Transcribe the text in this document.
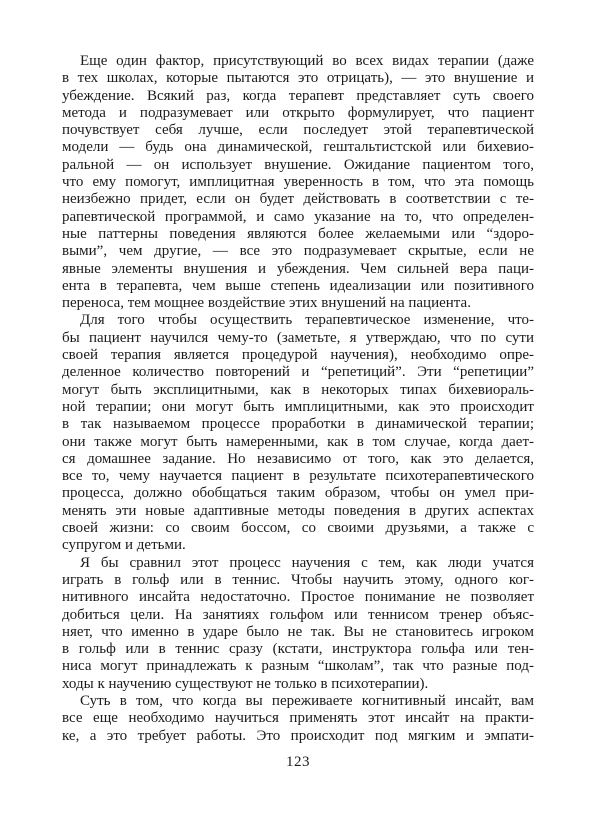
Еще один фактор, присутствующий во всех видах терапии (даже
в тех школах, которые пытаются это отрицать), — это внушение и
убеждение. Всякий раз, когда терапевт представляет суть своего
метода и подразумевает или открыто формулирует, что пациент
почувствует себя лучше, если последует этой терапевтической
модели — будь она динамической, гештальтистской или бихевио-
ральной — он использует внушение. Ожидание пациентом того,
что ему помогут, имплицитная уверенность в том, что эта помощь
неизбежно придет, если он будет действовать в соответствии с те-
рапевтической программой, и само указание на то, что определен-
ные паттерны поведения являются более желаемыми или “здоро-
выми”, чем другие, — все это подразумевает скрытые, если не
явные элементы внушения и убеждения. Чем сильней вера паци-
ента в терапевта, чем выше степень идеализации или позитивного
переноса, тем мощнее воздействие этих внушений на пациента.
Для того чтобы осуществить терапевтическое изменение, что-
бы пациент научился чему-то (заметьте, я утверждаю, что по сути
своей терапия является процедурой научения), необходимо опре-
деленное количество повторений и “репетиций”. Эти “репетиции”
могут быть эксплицитными, как в некоторых типах бихевиораль-
ной терапии; они могут быть имплицитными, как это происходит
в так называемом процессе проработки в динамической терапии;
они также могут быть намеренными, как в том случае, когда дает-
ся домашнее задание. Но независимо от того, как это делается,
все то, чему научается пациент в результате психотерапевтического
процесса, должно обобщаться таким образом, чтобы он умел при-
менять эти новые адаптивные методы поведения в других аспектах
своей жизни: со своим боссом, со своими друзьями, а также с
супругом и детьми.
Я бы сравнил этот процесс научения с тем, как люди учатся
играть в гольф или в теннис. Чтобы научить этому, одного ког-
нитивного инсайта недостаточно. Простое понимание не позволяет
добиться цели. На занятиях гольфом или теннисом тренер объяс-
няет, что именно в ударе было не так. Вы не становитесь игроком
в гольф или в теннис сразу (кстати, инструктора гольфа или тен-
ниса могут принадлежать к разным “школам”, так что разные под-
ходы к научению существуют не только в психотерапии).
Суть в том, что когда вы переживаете когнитивный инсайт, вам
все еще необходимо научиться применять этот инсайт на практи-
ке, а это требует работы. Это происходит под мягким и эмпати-
123
